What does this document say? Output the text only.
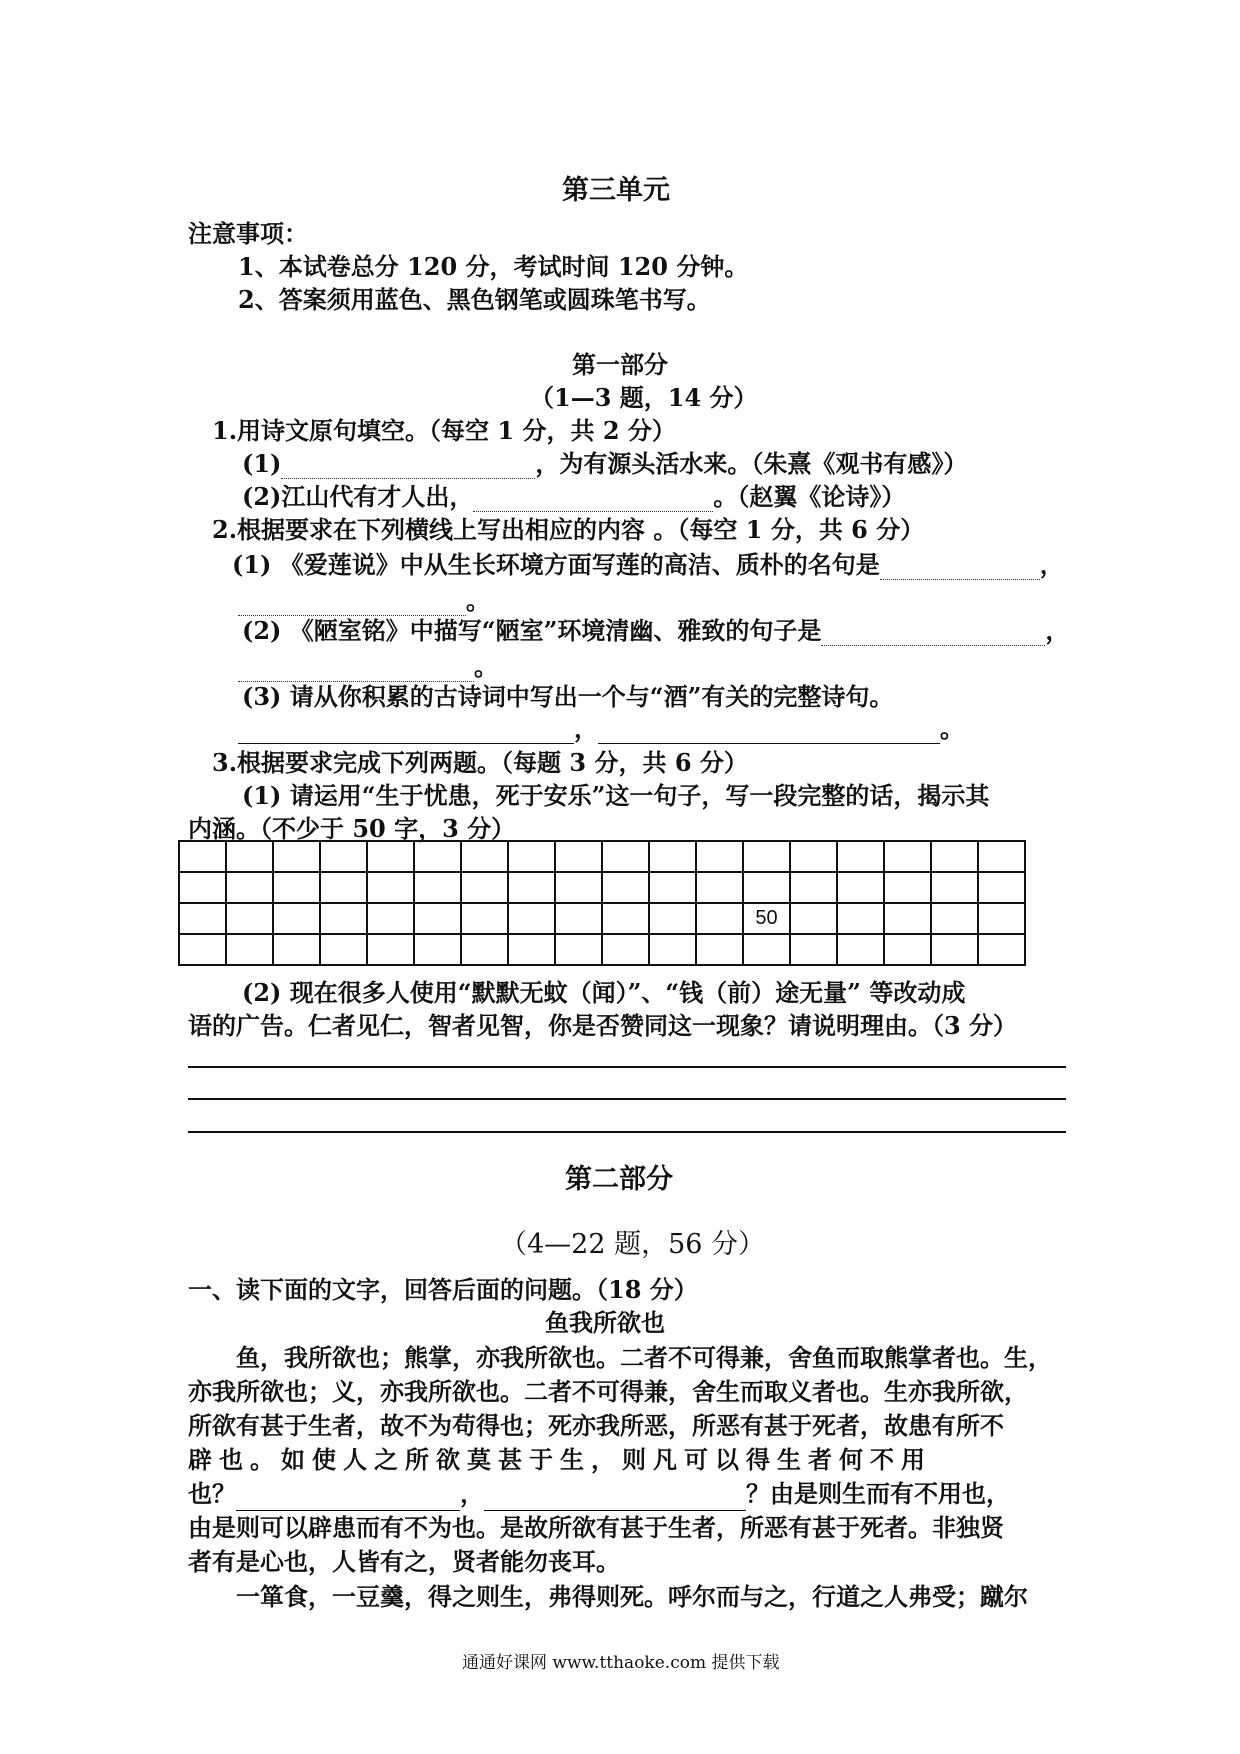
第三单元
注意事项：
1、本试卷总分 120 分，考试时间 120 分钟。
2、答案须用蓝色、黑色钢笔或圆珠笔书写。
第一部分
（1—3 题，14 分）
1.用诗文原句填空。（每空 1 分，共 2 分）
(1)	，为有源头活水来。（朱熹《观书有感》）
(2)江山代有才人出，	。（赵翼《论诗》）
2.根据要求在下列横线上写出相应的内容 。（每空 1 分，共 6 分）
(1) 《爱莲说》中从生长环境方面写莲的高洁、质朴的名句是	，
。
(2) 《陋室铭》中描写“陋室”环境清幽、雅致的句子是	，
。
(3) 请从你积累的古诗词中写出一个与“酒”有关的完整诗句。
，	。
3.根据要求完成下列两题。（每题 3 分，共 6 分）
(1) 请运用“生于忧患，死于安乐”这一句子，写一段完整的话，揭示其
内涵。（不少于 50 字，3 分）

												50					

(2) 现在很多人使用“默默无蚊（闻）”、“钱（前）途无量” 等改动成
语的广告。仁者见仁，智者见智，你是否赞同这一现象？请说明理由。（3 分）
第二部分
（4—22 题，56 分）
一、读下面的文字，回答后面的问题。（18 分）
鱼我所欲也
鱼，我所欲也；熊掌，亦我所欲也。二者不可得兼，舍鱼而取熊掌者也。生，
亦我所欲也；义，亦我所欲也。二者不可得兼，舍生而取义者也。生亦我所欲，
所欲有甚于生者，故不为苟得也；死亦我所恶，所恶有甚于死者，故患有所不
辟也。如使人之所欲莫甚于生，则凡可以得生者何不用
也？	，	？由是则生而有不用也，
由是则可以辟患而有不为也。是故所欲有甚于生者，所恶有甚于死者。非独贤
者有是心也，人皆有之，贤者能勿丧耳。
一箪食，一豆羹，得之则生，弗得则死。呼尔而与之，行道之人弗受；蹴尔
通通好课网 www.tthaoke.com 提供下载
